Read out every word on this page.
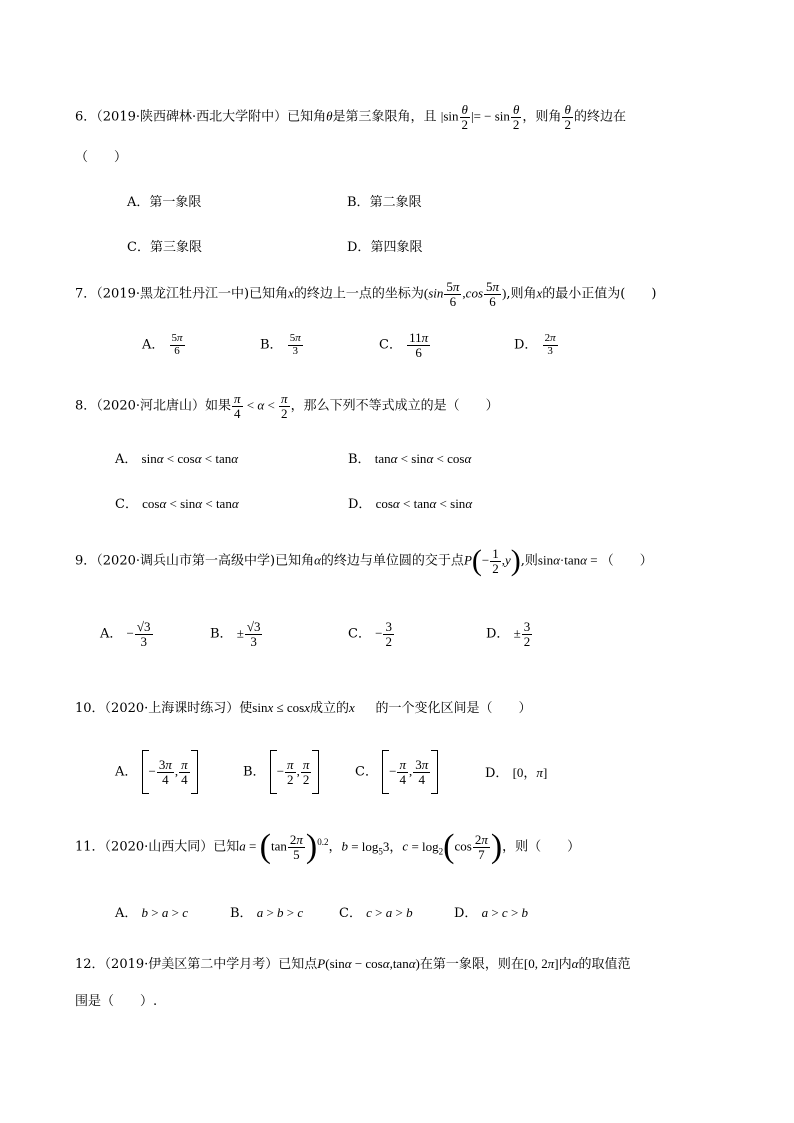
6．（2019·陕西碑林·西北大学附中）已知角θ是第三象限角，且 $|\sin \frac{\theta}{2}$ |= − $\sin \frac{\theta}{2}$ ，则角 $\frac{\theta}{2}$ 的终边在
（　　）
A．第一象限	B．第二象限
C．第三象限	D．第四象限
7．（2019·黑龙江牡丹江一中)已知角x的终边上一点的坐标为($\sin \frac{5\pi}{6} ,\cos \frac{5\pi}{6}$ ),则角x的最小正值为(　　)
A． $\frac{5\pi}{6}$	B． $\frac{5\pi}{3}$	C． $\frac{11\pi}{6}$	D． $\frac{2\pi}{3}$
8．（2020·河北唐山）如果 $\frac{\pi}{4} < \alpha < \frac{\pi}{2}$ ，那么下列不等式成立的是（　　）
A． sinα < cosα < tanα	B． tanα < sinα < cosα
C． cosα < sinα < tanα	D． cosα < tanα < sinα
9．（2020·调兵山市第一高级中学)已知角α的终边与单位圆的交于点$P(- \frac{1}{2} ,y)$,则sinα·tanα = （　　）
A． − $\frac{√3}{3}$	B． ± $\frac{√3}{3}$	C． − $\frac{3}{2}$	D． ± $\frac{3}{2}$
10．（2020·上海课时练习）使sinx ≤ cosx成立的x 的一个变化区间是（　　）
A． − $\frac{3\pi}{4}$ , $\frac{\pi}{4}$	B． − $\frac{\pi}{2}$ , $\frac{\pi}{2}$	C． − $\frac{\pi}{4}$ , $\frac{3\pi}{4}$	D． [0，π]
11．（2020·山西大同）已知$a = (\tan \frac{2\pi}{5} )^{0.2}$，$b = \log_53$，$c = \log_2(\cos \frac{2\pi}{7}$ )，则（　　）
A． b > a > c	B． a > b > c	C． c > a > b	D． a > c > b
12．（2019·伊美区第二中学月考）已知点P(sinα − cosα,tanα)在第一象限，则在[0, 2π]内α的取值范
围是（　　）.
